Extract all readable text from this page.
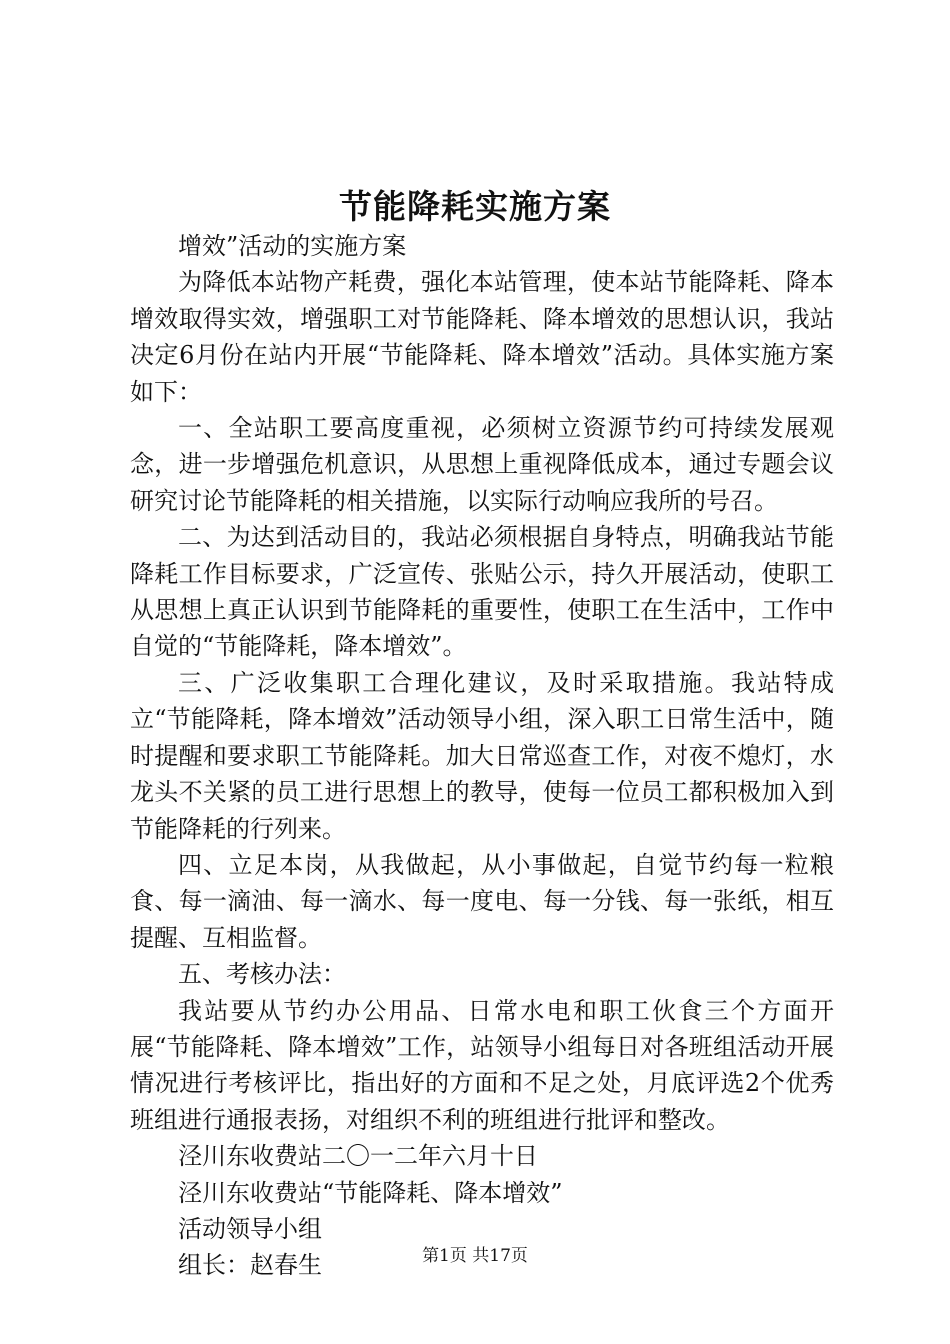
节能降耗实施方案

增效”活动的实施方案

为降低本站物产耗费，强化本站管理，使本站节能降耗、降本增效取得实效，增强职工对节能降耗、降本增效的思想认识，我站决定6月份在站内开展“节能降耗、降本增效”活动。具体实施方案如下：

一、全站职工要高度重视，必须树立资源节约可持续发展观念，进一步增强危机意识，从思想上重视降低成本，通过专题会议研究讨论节能降耗的相关措施，以实际行动响应我所的号召。

二、为达到活动目的，我站必须根据自身特点，明确我站节能降耗工作目标要求，广泛宣传、张贴公示，持久开展活动，使职工从思想上真正认识到节能降耗的重要性，使职工在生活中，工作中自觉的“节能降耗，降本增效”。

三、广泛收集职工合理化建议，及时采取措施。我站特成立“节能降耗，降本增效”活动领导小组，深入职工日常生活中，随时提醒和要求职工节能降耗。加大日常巡查工作，对夜不熄灯，水龙头不关紧的员工进行思想上的教导，使每一位员工都积极加入到节能降耗的行列来。

四、立足本岗，从我做起，从小事做起，自觉节约每一粒粮食、每一滴油、每一滴水、每一度电、每一分钱、每一张纸，相互提醒、互相监督。

五、考核办法：

我站要从节约办公用品、日常水电和职工伙食三个方面开展“节能降耗、降本增效”工作，站领导小组每日对各班组活动开展情况进行考核评比，指出好的方面和不足之处，月底评选2个优秀班组进行通报表扬，对组织不利的班组进行批评和整改。

泾川东收费站二〇一二年六月十日

泾川东收费站“节能降耗、降本增效”

活动领导小组

组长：赵春生	第1页 共17页
